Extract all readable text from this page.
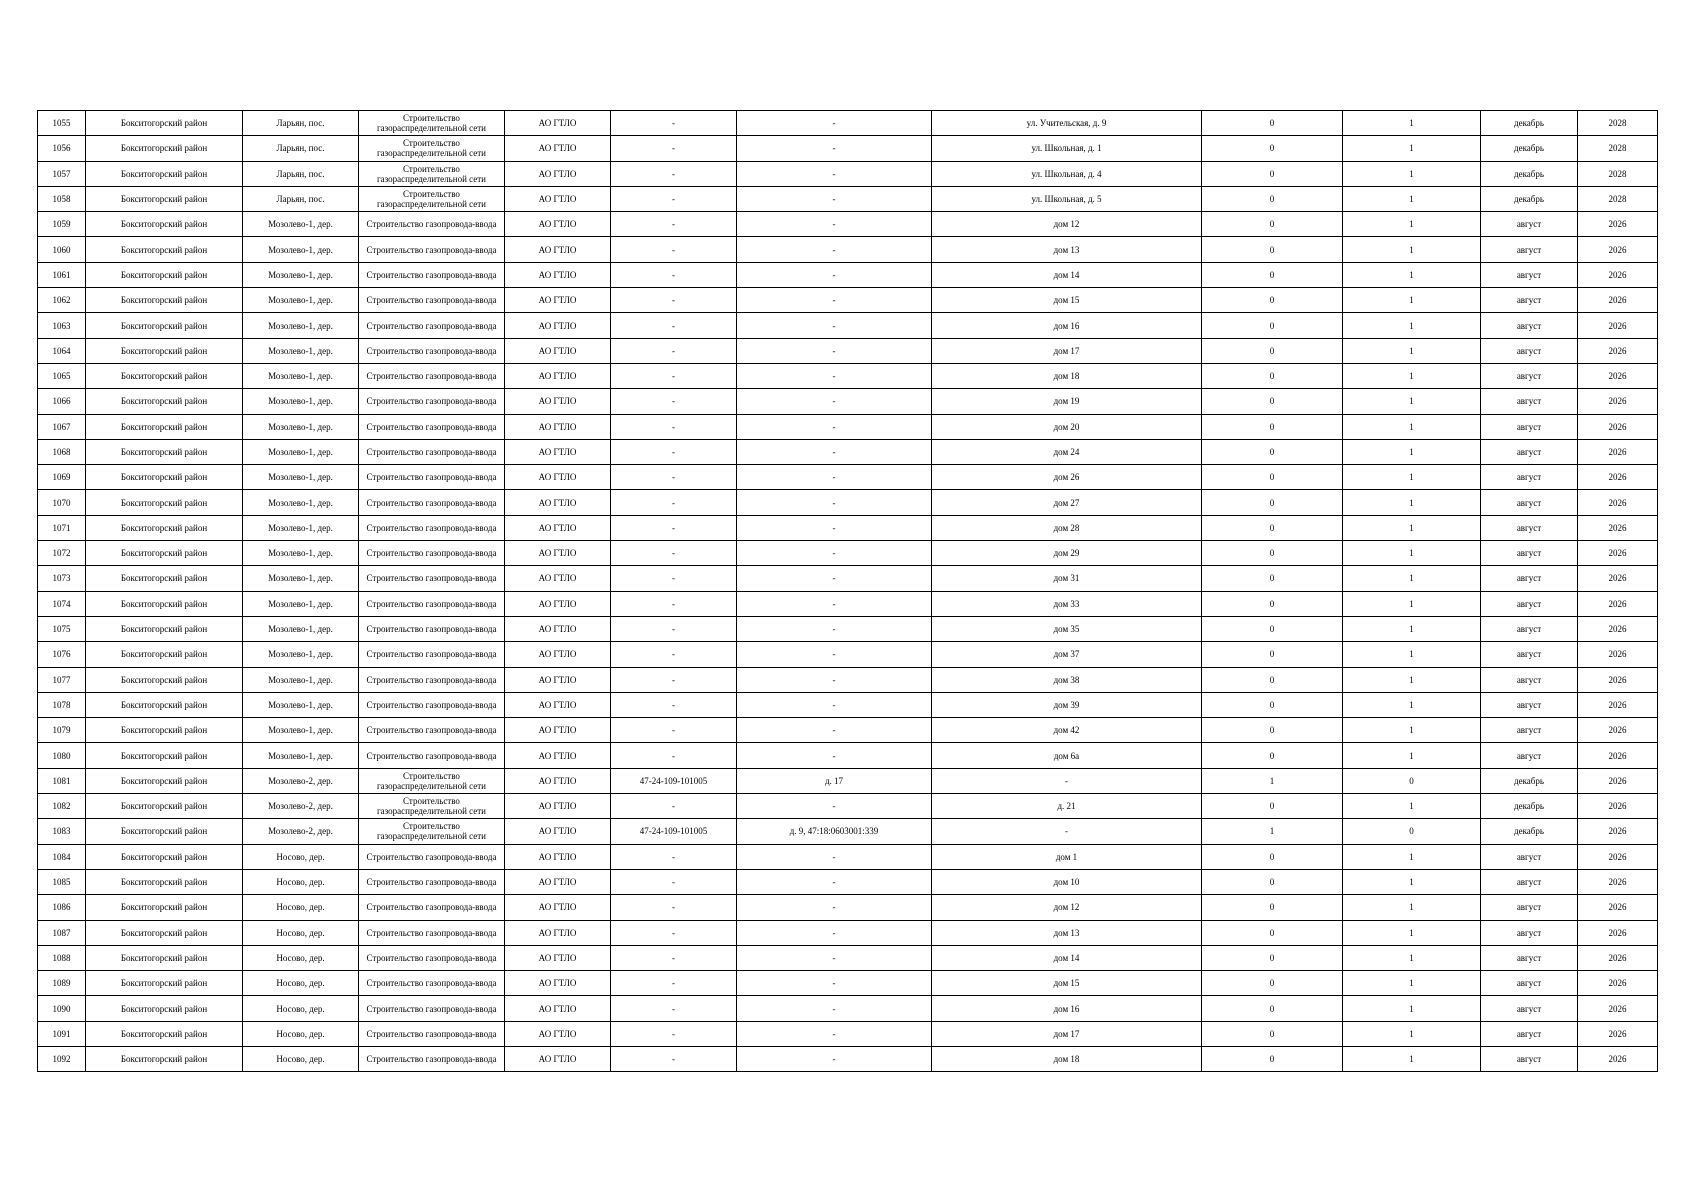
1055	Бокситогорский район	Ларьян, пос.	Строительство газораспределительной сети	АО ГТЛО	-	-	ул. Учительская, д. 9	0	1	декабрь	2028
1056	Бокситогорский район	Ларьян, пос.	Строительство газораспределительной сети	АО ГТЛО	-	-	ул. Школьная, д. 1	0	1	декабрь	2028
1057	Бокситогорский район	Ларьян, пос.	Строительство газораспределительной сети	АО ГТЛО	-	-	ул. Школьная, д. 4	0	1	декабрь	2028
1058	Бокситогорский район	Ларьян, пос.	Строительство газораспределительной сети	АО ГТЛО	-	-	ул. Школьная, д. 5	0	1	декабрь	2028
1059	Бокситогорский район	Мозолево-1, дер.	Строительство газопровода-ввода	АО ГТЛО	-	-	дом 12	0	1	август	2026
1060	Бокситогорский район	Мозолево-1, дер.	Строительство газопровода-ввода	АО ГТЛО	-	-	дом 13	0	1	август	2026
1061	Бокситогорский район	Мозолево-1, дер.	Строительство газопровода-ввода	АО ГТЛО	-	-	дом 14	0	1	август	2026
1062	Бокситогорский район	Мозолево-1, дер.	Строительство газопровода-ввода	АО ГТЛО	-	-	дом 15	0	1	август	2026
1063	Бокситогорский район	Мозолево-1, дер.	Строительство газопровода-ввода	АО ГТЛО	-	-	дом 16	0	1	август	2026
1064	Бокситогорский район	Мозолево-1, дер.	Строительство газопровода-ввода	АО ГТЛО	-	-	дом 17	0	1	август	2026
1065	Бокситогорский район	Мозолево-1, дер.	Строительство газопровода-ввода	АО ГТЛО	-	-	дом 18	0	1	август	2026
1066	Бокситогорский район	Мозолево-1, дер.	Строительство газопровода-ввода	АО ГТЛО	-	-	дом 19	0	1	август	2026
1067	Бокситогорский район	Мозолево-1, дер.	Строительство газопровода-ввода	АО ГТЛО	-	-	дом 20	0	1	август	2026
1068	Бокситогорский район	Мозолево-1, дер.	Строительство газопровода-ввода	АО ГТЛО	-	-	дом 24	0	1	август	2026
1069	Бокситогорский район	Мозолево-1, дер.	Строительство газопровода-ввода	АО ГТЛО	-	-	дом 26	0	1	август	2026
1070	Бокситогорский район	Мозолево-1, дер.	Строительство газопровода-ввода	АО ГТЛО	-	-	дом 27	0	1	август	2026
1071	Бокситогорский район	Мозолево-1, дер.	Строительство газопровода-ввода	АО ГТЛО	-	-	дом 28	0	1	август	2026
1072	Бокситогорский район	Мозолево-1, дер.	Строительство газопровода-ввода	АО ГТЛО	-	-	дом 29	0	1	август	2026
1073	Бокситогорский район	Мозолево-1, дер.	Строительство газопровода-ввода	АО ГТЛО	-	-	дом 31	0	1	август	2026
1074	Бокситогорский район	Мозолево-1, дер.	Строительство газопровода-ввода	АО ГТЛО	-	-	дом 33	0	1	август	2026
1075	Бокситогорский район	Мозолево-1, дер.	Строительство газопровода-ввода	АО ГТЛО	-	-	дом 35	0	1	август	2026
1076	Бокситогорский район	Мозолево-1, дер.	Строительство газопровода-ввода	АО ГТЛО	-	-	дом 37	0	1	август	2026
1077	Бокситогорский район	Мозолево-1, дер.	Строительство газопровода-ввода	АО ГТЛО	-	-	дом 38	0	1	август	2026
1078	Бокситогорский район	Мозолево-1, дер.	Строительство газопровода-ввода	АО ГТЛО	-	-	дом 39	0	1	август	2026
1079	Бокситогорский район	Мозолево-1, дер.	Строительство газопровода-ввода	АО ГТЛО	-	-	дом 42	0	1	август	2026
1080	Бокситогорский район	Мозолево-1, дер.	Строительство газопровода-ввода	АО ГТЛО	-	-	дом 6а	0	1	август	2026
1081	Бокситогорский район	Мозолево-2, дер.	Строительство газораспределительной сети	АО ГТЛО	47-24-109-101005	д. 17	-	1	0	декабрь	2026
1082	Бокситогорский район	Мозолево-2, дер.	Строительство газораспределительной сети	АО ГТЛО	-	-	д. 21	0	1	декабрь	2026
1083	Бокситогорский район	Мозолево-2, дер.	Строительство газораспределительной сети	АО ГТЛО	47-24-109-101005	д. 9, 47:18:0603001:339	-	1	0	декабрь	2026
1084	Бокситогорский район	Носово, дер.	Строительство газопровода-ввода	АО ГТЛО	-	-	дом 1	0	1	август	2026
1085	Бокситогорский район	Носово, дер.	Строительство газопровода-ввода	АО ГТЛО	-	-	дом 10	0	1	август	2026
1086	Бокситогорский район	Носово, дер.	Строительство газопровода-ввода	АО ГТЛО	-	-	дом 12	0	1	август	2026
1087	Бокситогорский район	Носово, дер.	Строительство газопровода-ввода	АО ГТЛО	-	-	дом 13	0	1	август	2026
1088	Бокситогорский район	Носово, дер.	Строительство газопровода-ввода	АО ГТЛО	-	-	дом 14	0	1	август	2026
1089	Бокситогорский район	Носово, дер.	Строительство газопровода-ввода	АО ГТЛО	-	-	дом 15	0	1	август	2026
1090	Бокситогорский район	Носово, дер.	Строительство газопровода-ввода	АО ГТЛО	-	-	дом 16	0	1	август	2026
1091	Бокситогорский район	Носово, дер.	Строительство газопровода-ввода	АО ГТЛО	-	-	дом 17	0	1	август	2026
1092	Бокситогорский район	Носово, дер.	Строительство газопровода-ввода	АО ГТЛО	-	-	дом 18	0	1	август	2026
